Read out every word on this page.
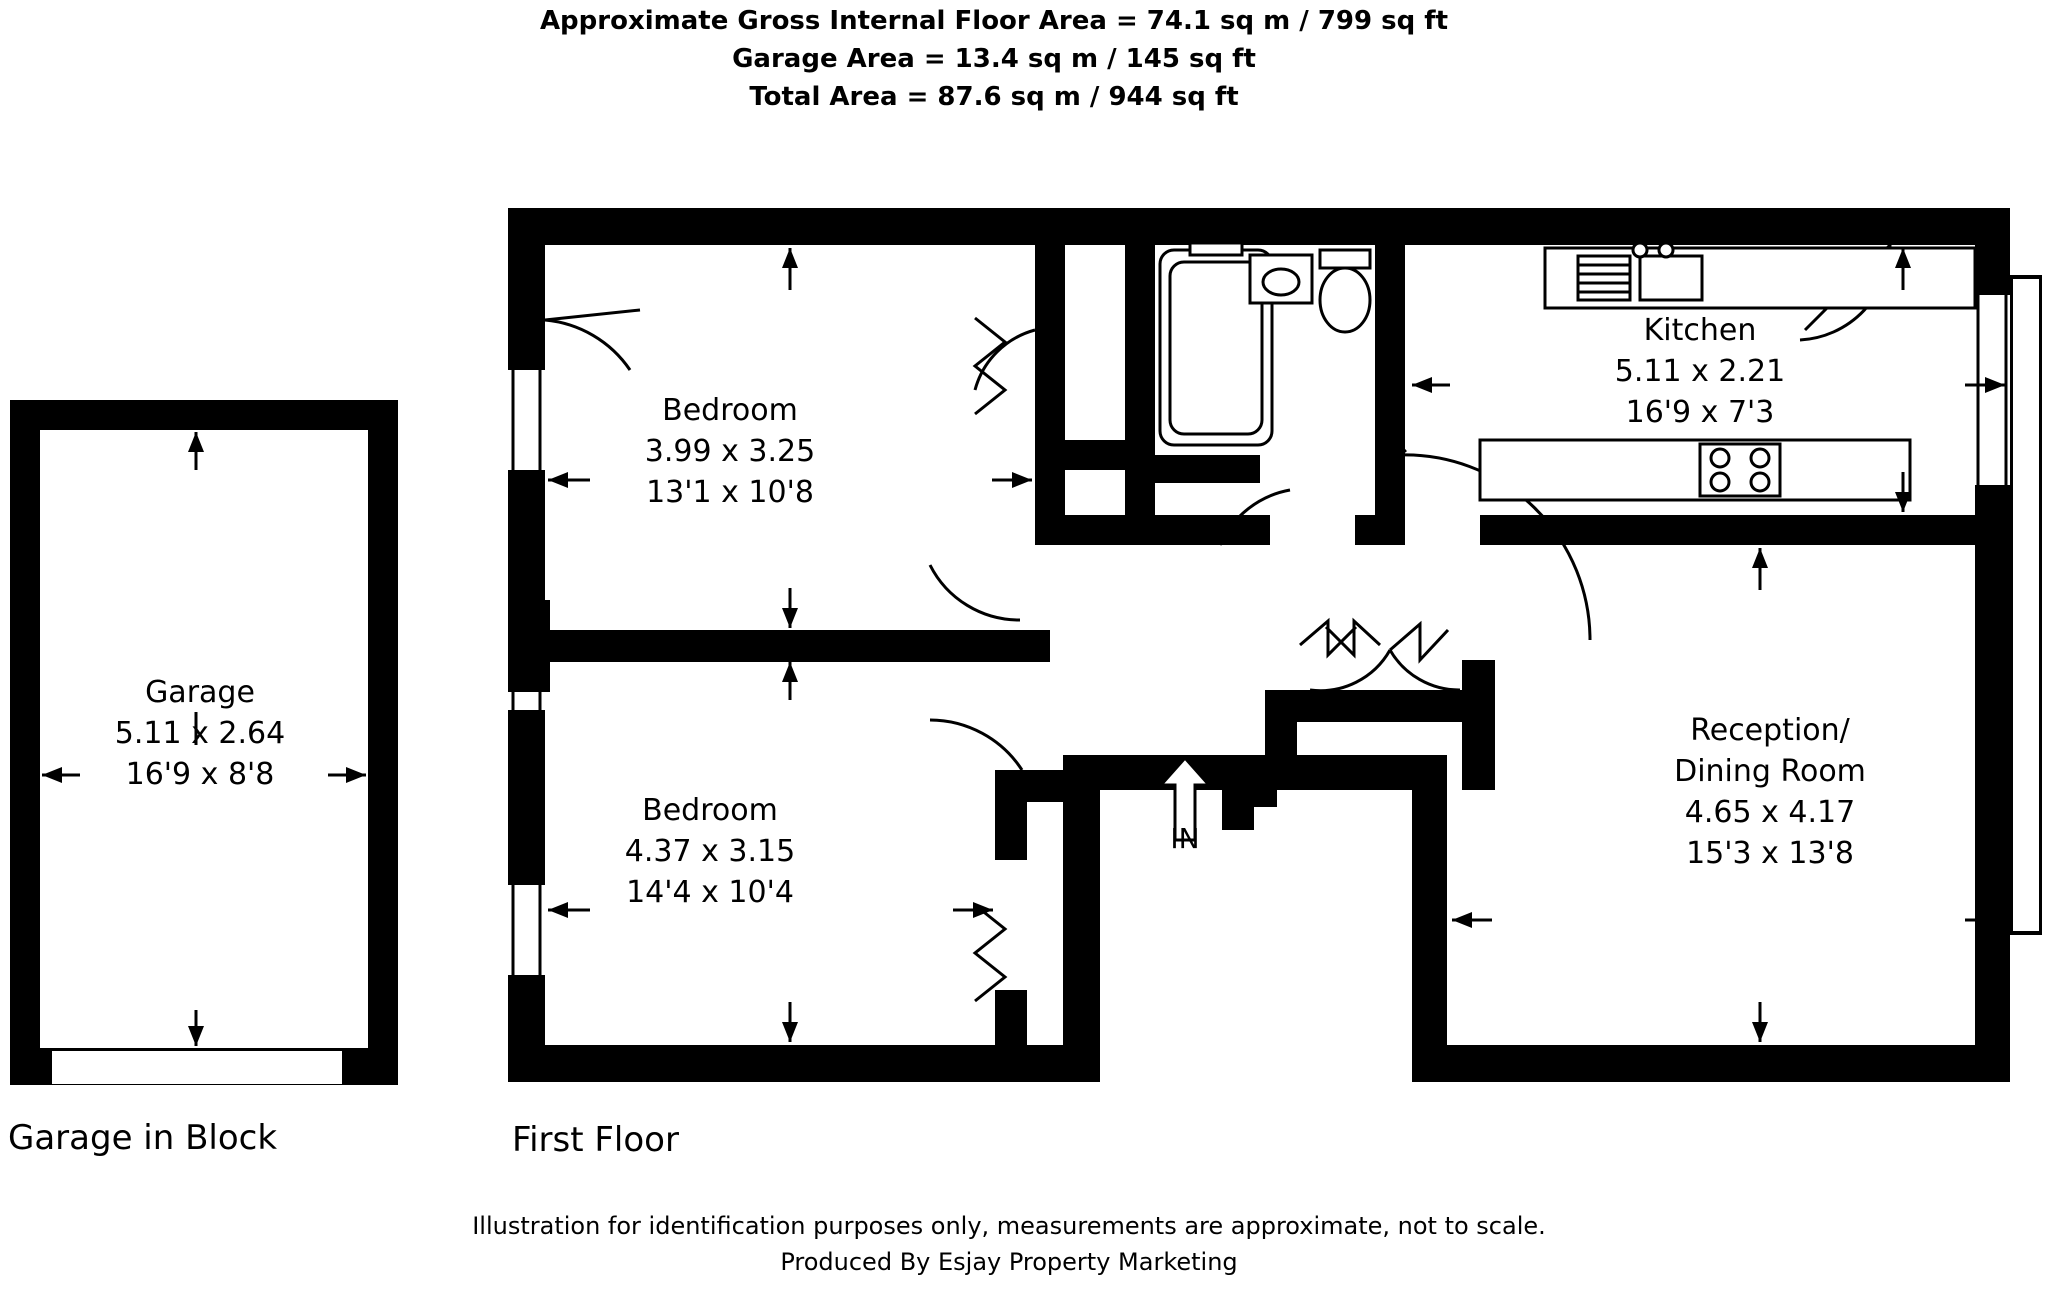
Approximate Gross Internal Floor Area = 74.1 sq m / 799 sq ft
Garage Area = 13.4 sq m / 145 sq ft
Total Area = 87.6 sq m / 944 sq ft
Garage
5.11 x 2.64
16'9 x 8'8
Bedroom
3.99 x 3.25
13'1 x 10'8
Bedroom
4.37 x 3.15
14'4 x 10'4
Kitchen
5.11 x 2.21
16'9 x 7'3
Reception/
Dining Room
4.65 x 4.17
15'3 x 13'8
IN
Garage in Block	First Floor
Illustration for identification purposes only, measurements are approximate, not to scale.
Produced By Esjay Property Marketing
